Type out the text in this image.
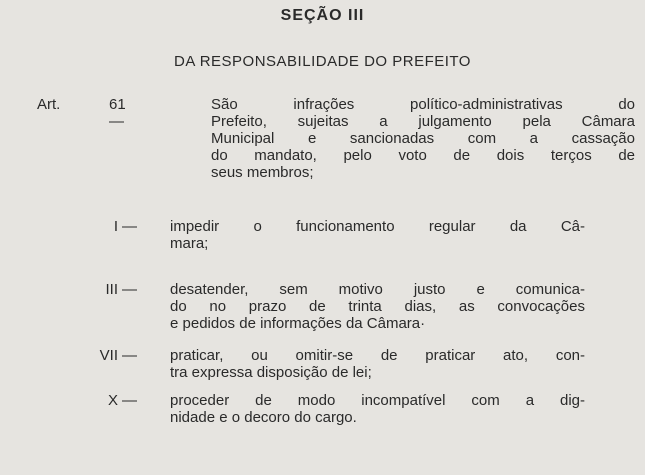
SEÇÃO III
DA RESPONSABILIDADE DO PREFEITO
Art.	61 —
São infrações político-administrativas do
Prefeito, sujeitas a julgamento pela Câmara
Municipal e sancionadas com a cassação
do mandato, pelo voto de dois terços de
seus membros;
I — impedir o funcionamento regular da Câ-
mara;
III — desatender, sem motivo justo e comunica-
do no prazo de trinta dias, as convocações
e pedidos de informações da Câmara·
VII — praticar, ou omitir-se de praticar ato, con-
tra expressa disposição de lei;
X — proceder de modo incompatível com a dig-
nidade e o decoro do cargo.
